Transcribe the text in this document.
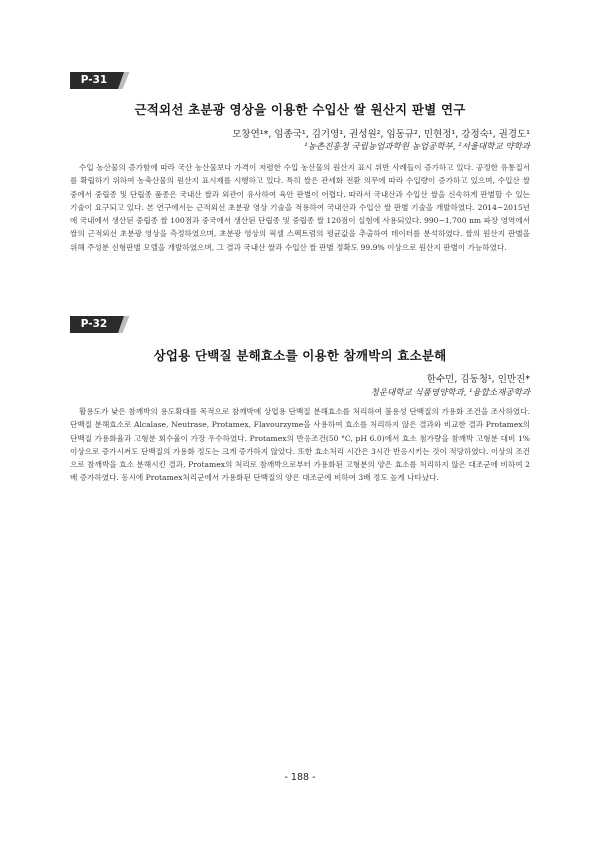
P-31
근적외선 초분광 영상을 이용한 수입산 쌀 원산지 판별 연구
모창연¹*, 임종국¹, 김기영¹, 권성원², 임동규², 민현정¹, 강정숙¹, 권경도¹
¹농촌진흥청 국립농업과학원 농업공학부, ²서울대학교 약학과

수입 농산물의 증가함에 따라 국산 농산물보다 가격이 저렴한 수입 농산물의 원산지 표시 위반 사례들이 증가하고 있다. 공정한 유통질서를 확립하기 위하여 농축산물의 원산지 표시제를 시행하고 있다. 특히 쌀은 관세화 전환 의무에 따라 수입량이 증가하고 있으며, 수입산 쌀 중에서 중립종 및 단립종 품종은 국내산 쌀과 외관이 유사하여 육안 판별이 어렵다. 따라서 국내산과 수입산 쌀을 신속하게 판별할 수 있는 기술이 요구되고 있다. 본 연구에서는 근적외선 초분광 영상 기술을 적용하여 국내산과 수입산 쌀 판별 기술을 개발하였다. 2014~2015년에 국내에서 생산된 중립종 쌀 100점과 중국에서 생산된 단립종 및 중립종 쌀 120점이 실험에 사용되었다. 990~1,700 nm 파장 영역에서 쌀의 근적외선 초분광 영상을 측정하였으며, 초분광 영상의 픽셀 스펙트럼의 평균값을 추출하여 데이터를 분석하였다. 쌀의 원산지 판별을 위해 주성분 선형판별 모델을 개발하였으며, 그 결과 국내산 쌀과 수입산 쌀 판별 정확도 99.9% 이상으로 원산지 판별이 가능하였다.

P-32
상업용 단백질 분해효소를 이용한 참깨박의 효소분해
한수민, 김동청¹, 인만진*
청운대학교 식품영양학과, ¹융합소재공학과

활용도가 낮은 참깨박의 용도확대를 목적으로 참깨박에 상업용 단백질 분해효소를 처리하여 불용성 단백질의 가용화 조건을 조사하였다. 단백질 분해효소로 Alcalase, Neutrase, Protamex, Flavourzyme을 사용하여 효소를 처리하지 않은 결과와 비교한 결과 Protamex의 단백질 가용화율과 고형분 회수율이 가장 우수하였다. Protamex의 반응조건(50 °C, pH 6.0)에서 효소 첨가량을 참깨박 고형분 대비 1% 이상으로 증가시켜도 단백질의 가용화 정도는 크게 증가하지 않았다. 또한 효소처리 시간은 3시간 반응시키는 것이 적당하였다. 이상의 조건으로 참깨박을 효소 분해시킨 결과, Protamex의 처리로 참깨박으로부터 가용화된 고형분의 양은 효소를 처리하지 않은 대조군에 비하여 2배 증가하였다. 동시에 Protamex처리군에서 가용화된 단백질의 양은 대조군에 비하여 3배 정도 높게 나타났다.

- 188 -
